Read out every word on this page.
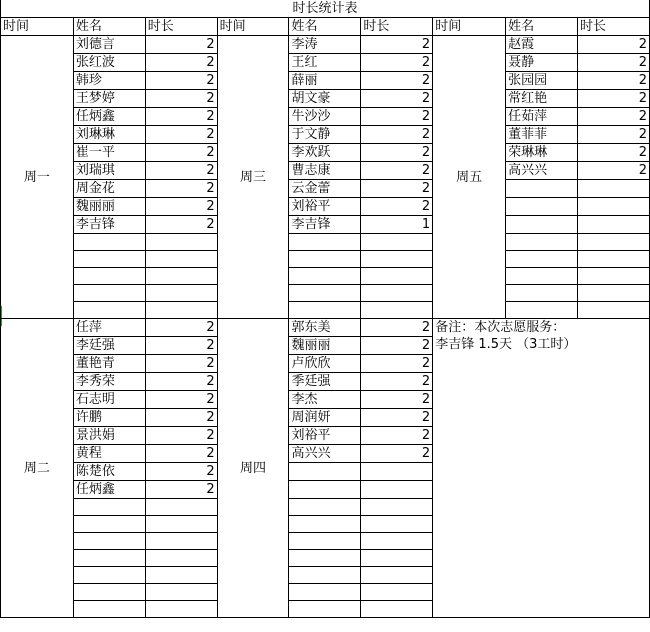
时长统计表								
时间	姓名	时长	时间	姓名	时长	时间	姓名	时长
周一	刘德言	2	周三	李涛	2	周五	赵霞	2
	张红波	2		王红	2		聂静	2
	韩珍	2		薛丽	2		张园园	2
	王梦婷	2		胡文豪	2		常红艳	2
	任炳鑫	2		牛沙沙	2		任茹萍	2
	刘琳琳	2		于文静	2		董菲菲	2
	崔一平	2		李欢跃	2		荣琳琳	2
	刘瑞琪	2		曹志康	2		高兴兴	2
	周金花	2		云金蕾	2			
	魏丽丽	2		刘裕平	2			
	李吉锋	2		李吉锋	1			

周二	任萍	2	周四	郭东美	2	备注：本次志愿服务：
李吉锋 1.5天 （3工时）		

	李廷强	2		魏丽丽	2			
	董艳青	2		卢欣欣	2			
	李秀荣	2		季廷强	2			
	石志明	2		李杰	2			
	许鹏	2		周润妍	2			
	景洪娟	2		刘裕平	2			
	黄程	2		高兴兴	2			
	陈楚依	2						
	任炳鑫	2						
